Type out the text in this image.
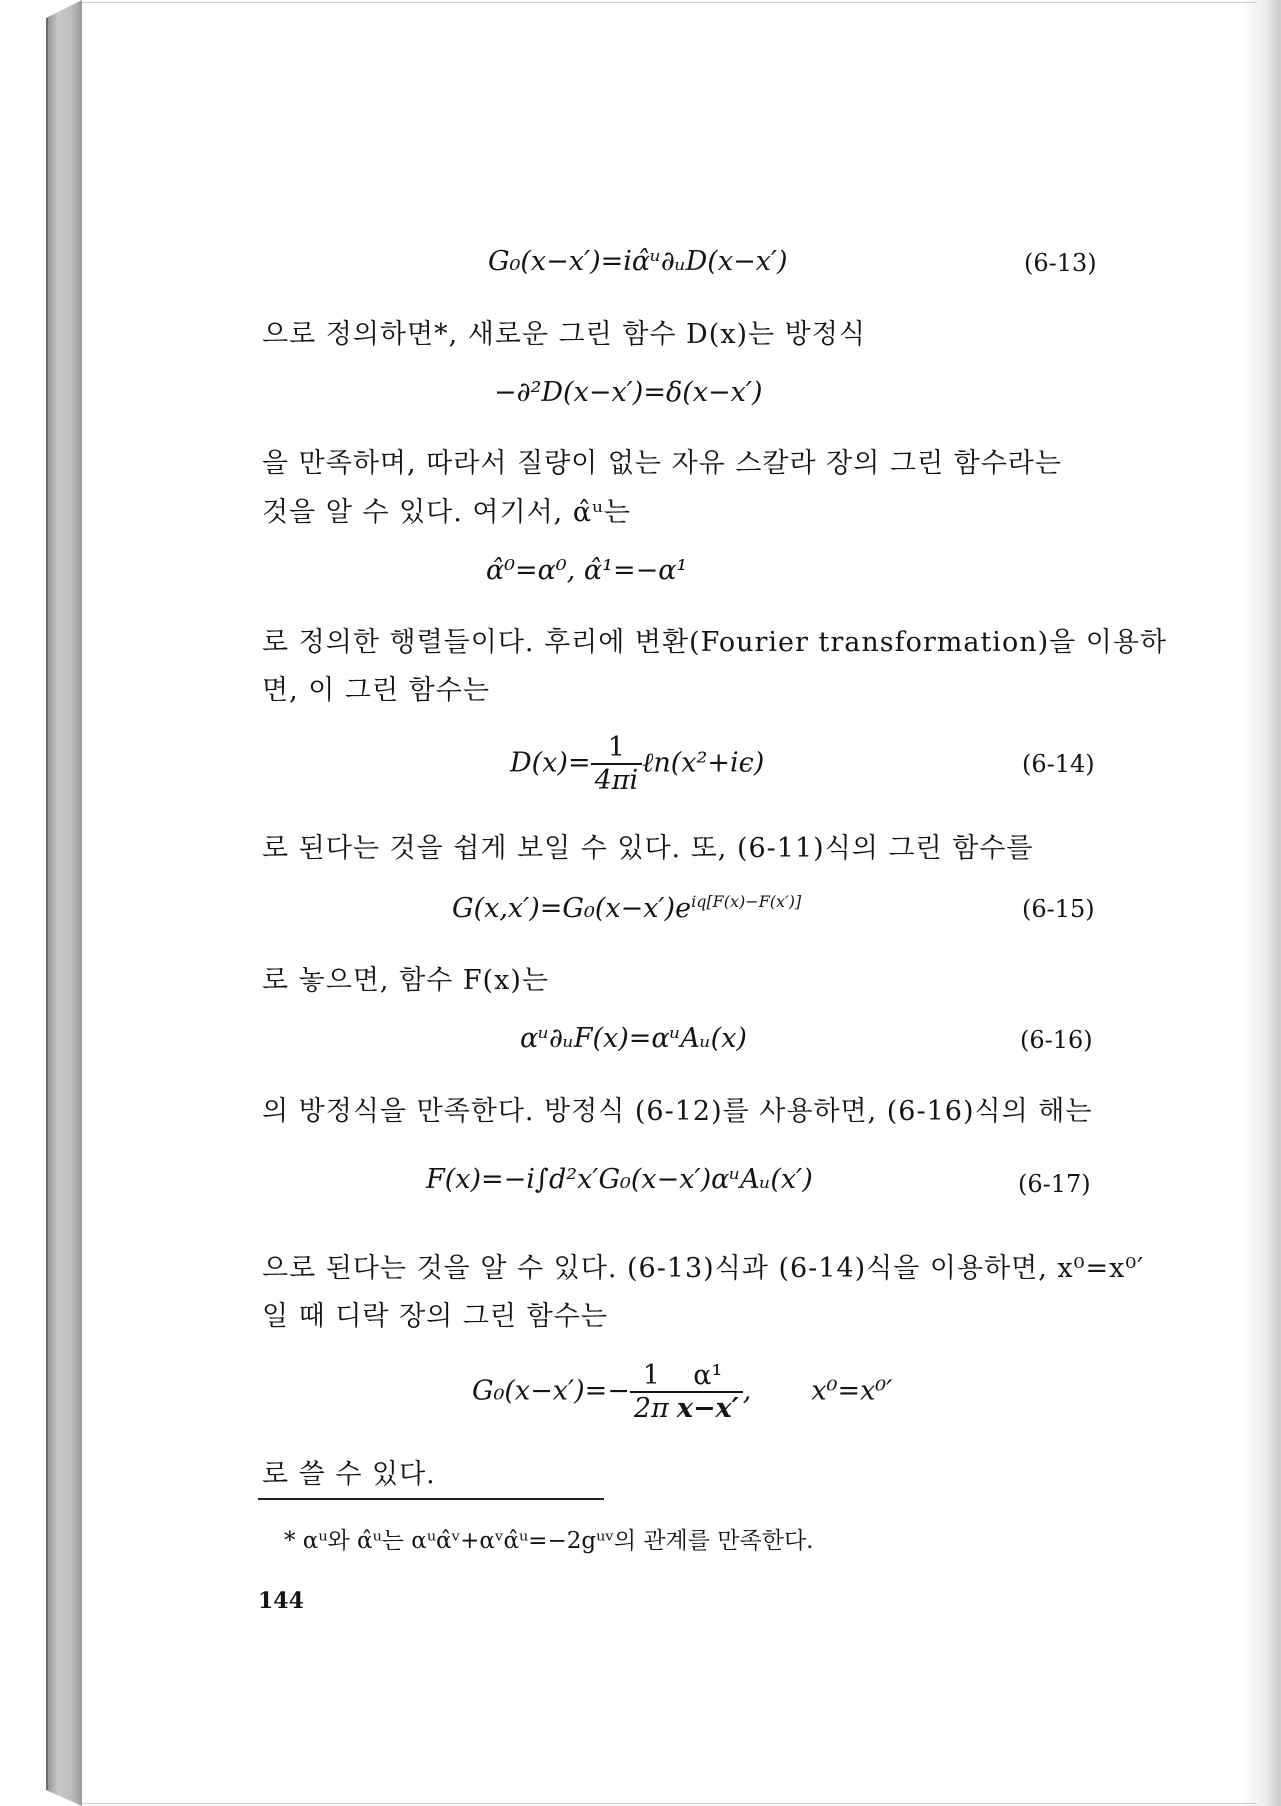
G₀(x−x′)=iα̂ᵘ∂ᵤD(x−x′)	(6-13)
으로 정의하면*, 새로운 그린 함수 D(x)는 방정식
−∂²D(x−x′)=δ(x−x′)
을 만족하며, 따라서 질량이 없는 자유 스칼라 장의 그린 함수라는
것을 알 수 있다. 여기서, α̂ᵘ는
α̂⁰=α⁰, α̂¹=−α¹
로 정의한 행렬들이다. 후리에 변환(Fourier transformation)을 이용하
면, 이 그린 함수는
$D(x)= \frac{1}{4\pi i}$ ℓn(x²+iϵ)	(6-14)
로 된다는 것을 쉽게 보일 수 있다. 또, (6-11)식의 그린 함수를
$G(x,x')=G_0(x-x')e^{iq[F(x)-F(x')]}$	(6-15)
로 놓으면, 함수 F(x)는
αᵘ∂ᵤF(x)=αᵘAᵤ(x)	(6-16)
의 방정식을 만족한다. 방정식 (6-12)를 사용하면, (6-16)식의 해는
F(x)=−i∫d²x′G₀(x−x′)αᵘAᵤ(x′)	(6-17)
으로 된다는 것을 알 수 있다. (6-13)식과 (6-14)식을 이용하면, x⁰=x⁰′
일 때 디락 장의 그린 함수는
$G_0(x-x')=- \frac{1}{2\pi} \frac{\text{α¹}}{x-x'}$ , x⁰=x⁰′
로 쓸 수 있다.
* αᵘ와 α̂ᵘ는 αᵘα̂ᵛ+αᵛα̂ᵘ=−2gᵘᵛ의 관계를 만족한다.
144
